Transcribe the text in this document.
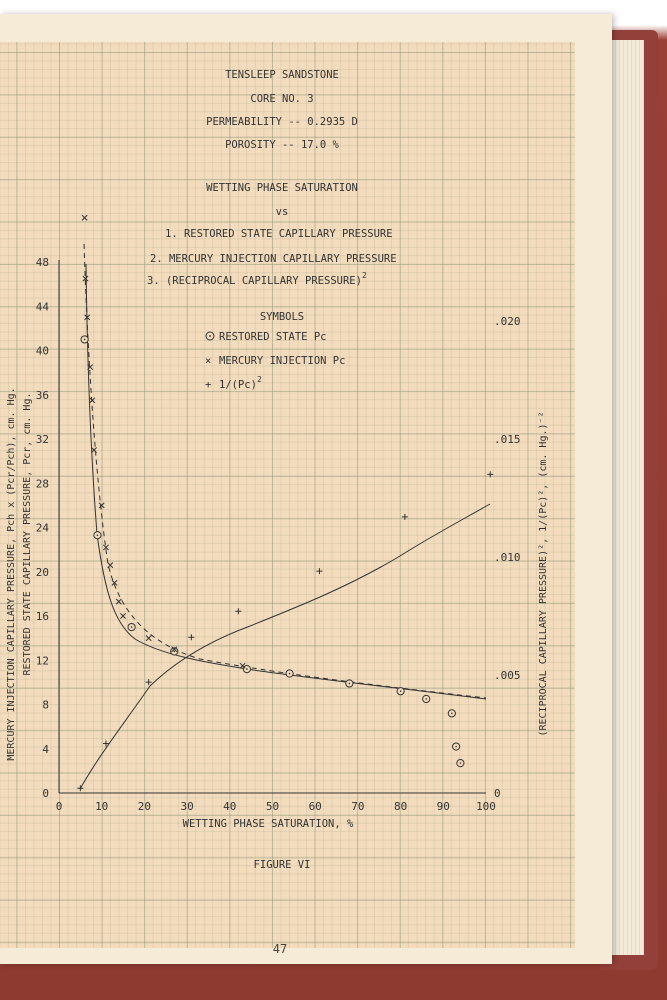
TENSLEEP SANDSTONE
CORE NO. 3
PERMEABILITY -- 0.2935 D
POROSITY -- 17.0 %
WETTING PHASE SATURATION
vs
1. RESTORED STATE CAPILLARY PRESSURE
2. MERCURY INJECTION CAPILLARY PRESSURE
3. (RECIPROCAL CAPILLARY PRESSURE)$^2$
SYMBOLS
RESTORED STATE Pc
× MERCURY INJECTION Pc
+ $1/(Pc)^2$
0	10	20	30	40	50	60	70	80	90 100
0
4
8
12
16
20
24
28
32
36
40
44
48
0
.005
.010
.015
.020
WETTING PHASE SATURATION, %
MERCURY INJECTION CAPILLARY PRESSURE, Pch x (Pcr/Pch), cm. Hg. RESTORED STATE CAPILLARY PRESSURE, Pcr, cm. Hg.	(RECIPROCAL CAPILLARY PRESSURE)², 1/(Pc)², (cm. Hg.)⁻²
FIGURE VI
47
